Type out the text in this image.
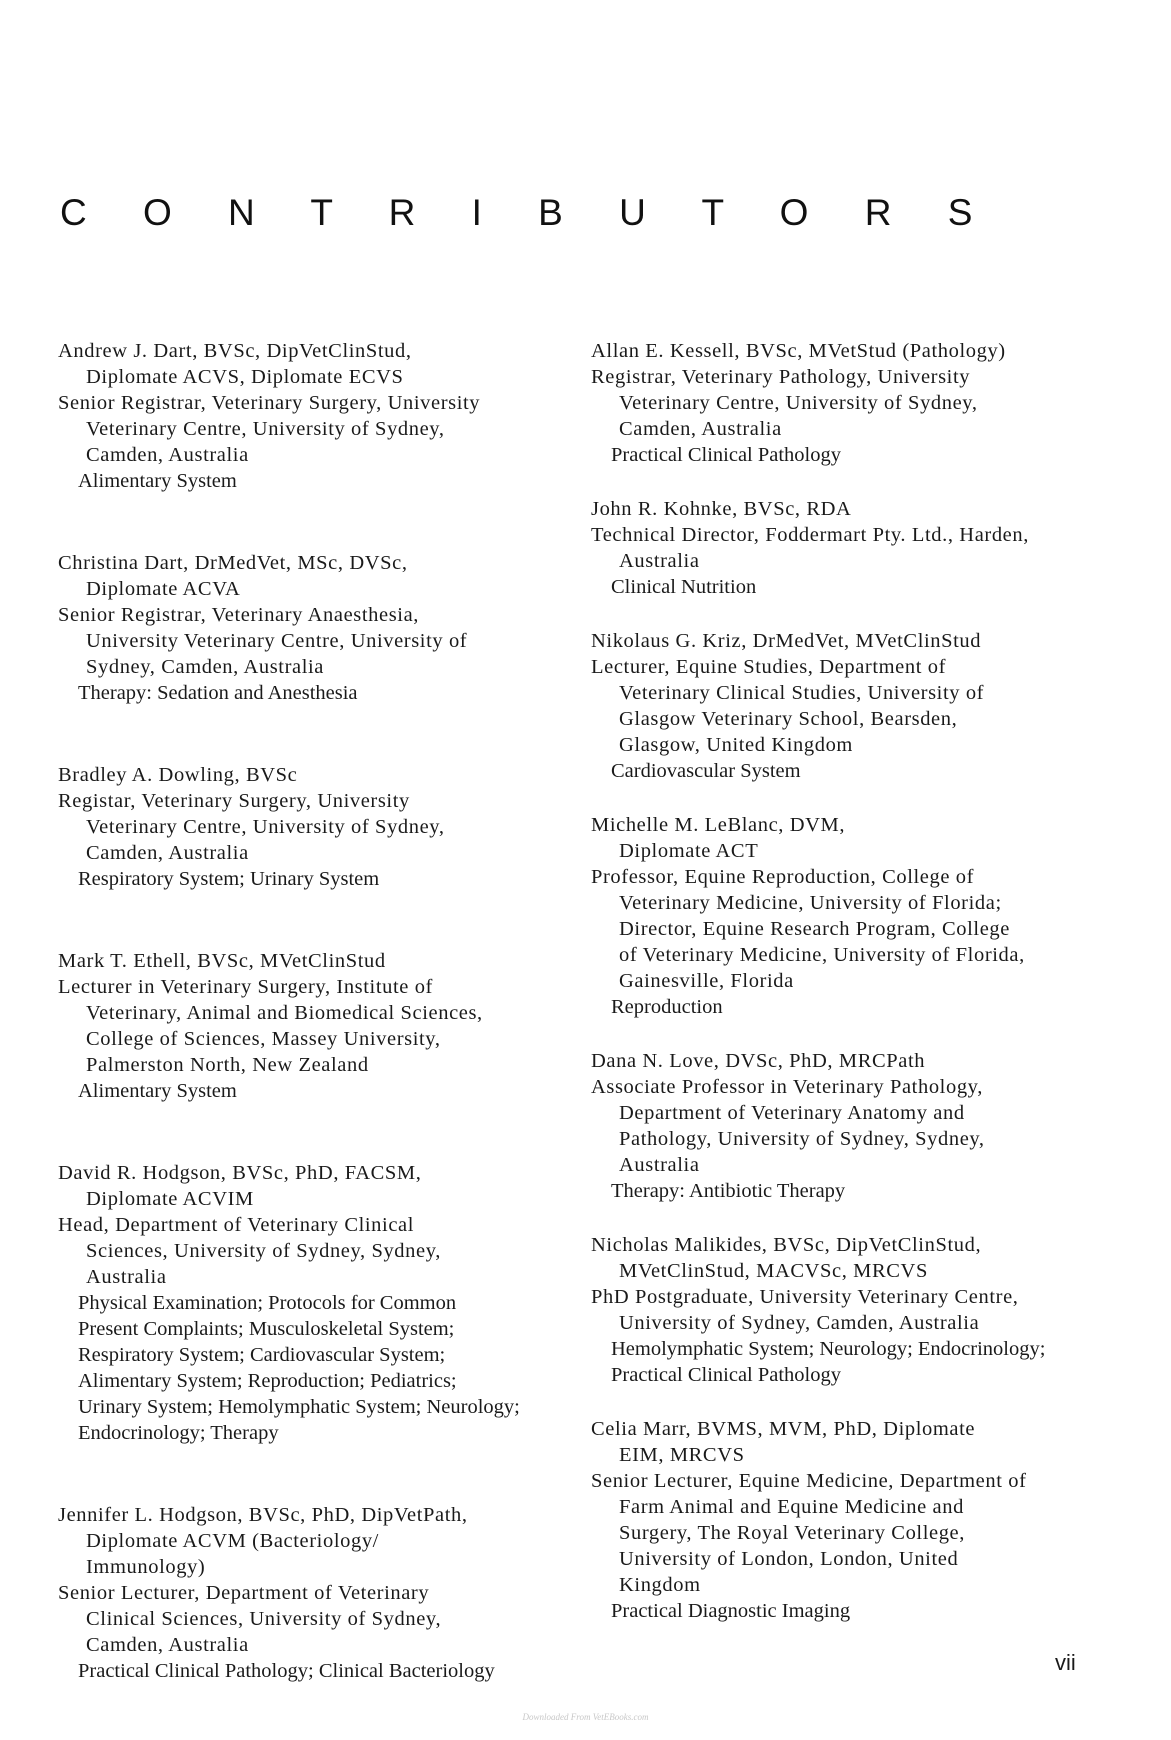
C O N T R I B U T O R S
Andrew J. Dart, BVSc, DipVetClinStud,
Diplomate ACVS, Diplomate ECVS
Senior Registrar, Veterinary Surgery, University
Veterinary Centre, University of Sydney,
Camden, Australia
Alimentary System
Christina Dart, DrMedVet, MSc, DVSc,
Diplomate ACVA
Senior Registrar, Veterinary Anaesthesia,
University Veterinary Centre, University of
Sydney, Camden, Australia
Therapy: Sedation and Anesthesia
Bradley A. Dowling, BVSc
Registar, Veterinary Surgery, University
Veterinary Centre, University of Sydney,
Camden, Australia
Respiratory System; Urinary System
Mark T. Ethell, BVSc, MVetClinStud
Lecturer in Veterinary Surgery, Institute of
Veterinary, Animal and Biomedical Sciences,
College of Sciences, Massey University,
Palmerston North, New Zealand
Alimentary System
David R. Hodgson, BVSc, PhD, FACSM,
Diplomate ACVIM
Head, Department of Veterinary Clinical
Sciences, University of Sydney, Sydney,
Australia
Physical Examination; Protocols for Common
Present Complaints; Musculoskeletal System;
Respiratory System; Cardiovascular System;
Alimentary System; Reproduction; Pediatrics;
Urinary System; Hemolymphatic System; Neurology;
Endocrinology; Therapy
Jennifer L. Hodgson, BVSc, PhD, DipVetPath,
Diplomate ACVM (Bacteriology/
Immunology)
Senior Lecturer, Department of Veterinary
Clinical Sciences, University of Sydney,
Camden, Australia
Practical Clinical Pathology; Clinical Bacteriology
Allan E. Kessell, BVSc, MVetStud (Pathology)
Registrar, Veterinary Pathology, University
Veterinary Centre, University of Sydney,
Camden, Australia
Practical Clinical Pathology
John R. Kohnke, BVSc, RDA
Technical Director, Foddermart Pty. Ltd., Harden,
Australia
Clinical Nutrition
Nikolaus G. Kriz, DrMedVet, MVetClinStud
Lecturer, Equine Studies, Department of
Veterinary Clinical Studies, University of
Glasgow Veterinary School, Bearsden,
Glasgow, United Kingdom
Cardiovascular System
Michelle M. LeBlanc, DVM,
Diplomate ACT
Professor, Equine Reproduction, College of
Veterinary Medicine, University of Florida;
Director, Equine Research Program, College
of Veterinary Medicine, University of Florida,
Gainesville, Florida
Reproduction
Dana N. Love, DVSc, PhD, MRCPath
Associate Professor in Veterinary Pathology,
Department of Veterinary Anatomy and
Pathology, University of Sydney, Sydney,
Australia
Therapy: Antibiotic Therapy
Nicholas Malikides, BVSc, DipVetClinStud,
MVetClinStud, MACVSc, MRCVS
PhD Postgraduate, University Veterinary Centre,
University of Sydney, Camden, Australia
Hemolymphatic System; Neurology; Endocrinology;
Practical Clinical Pathology
Celia Marr, BVMS, MVM, PhD, Diplomate
EIM, MRCVS
Senior Lecturer, Equine Medicine, Department of
Farm Animal and Equine Medicine and
Surgery, The Royal Veterinary College,
University of London, London, United
Kingdom
Practical Diagnostic Imaging
vii
Downloaded From VetEBooks.com
